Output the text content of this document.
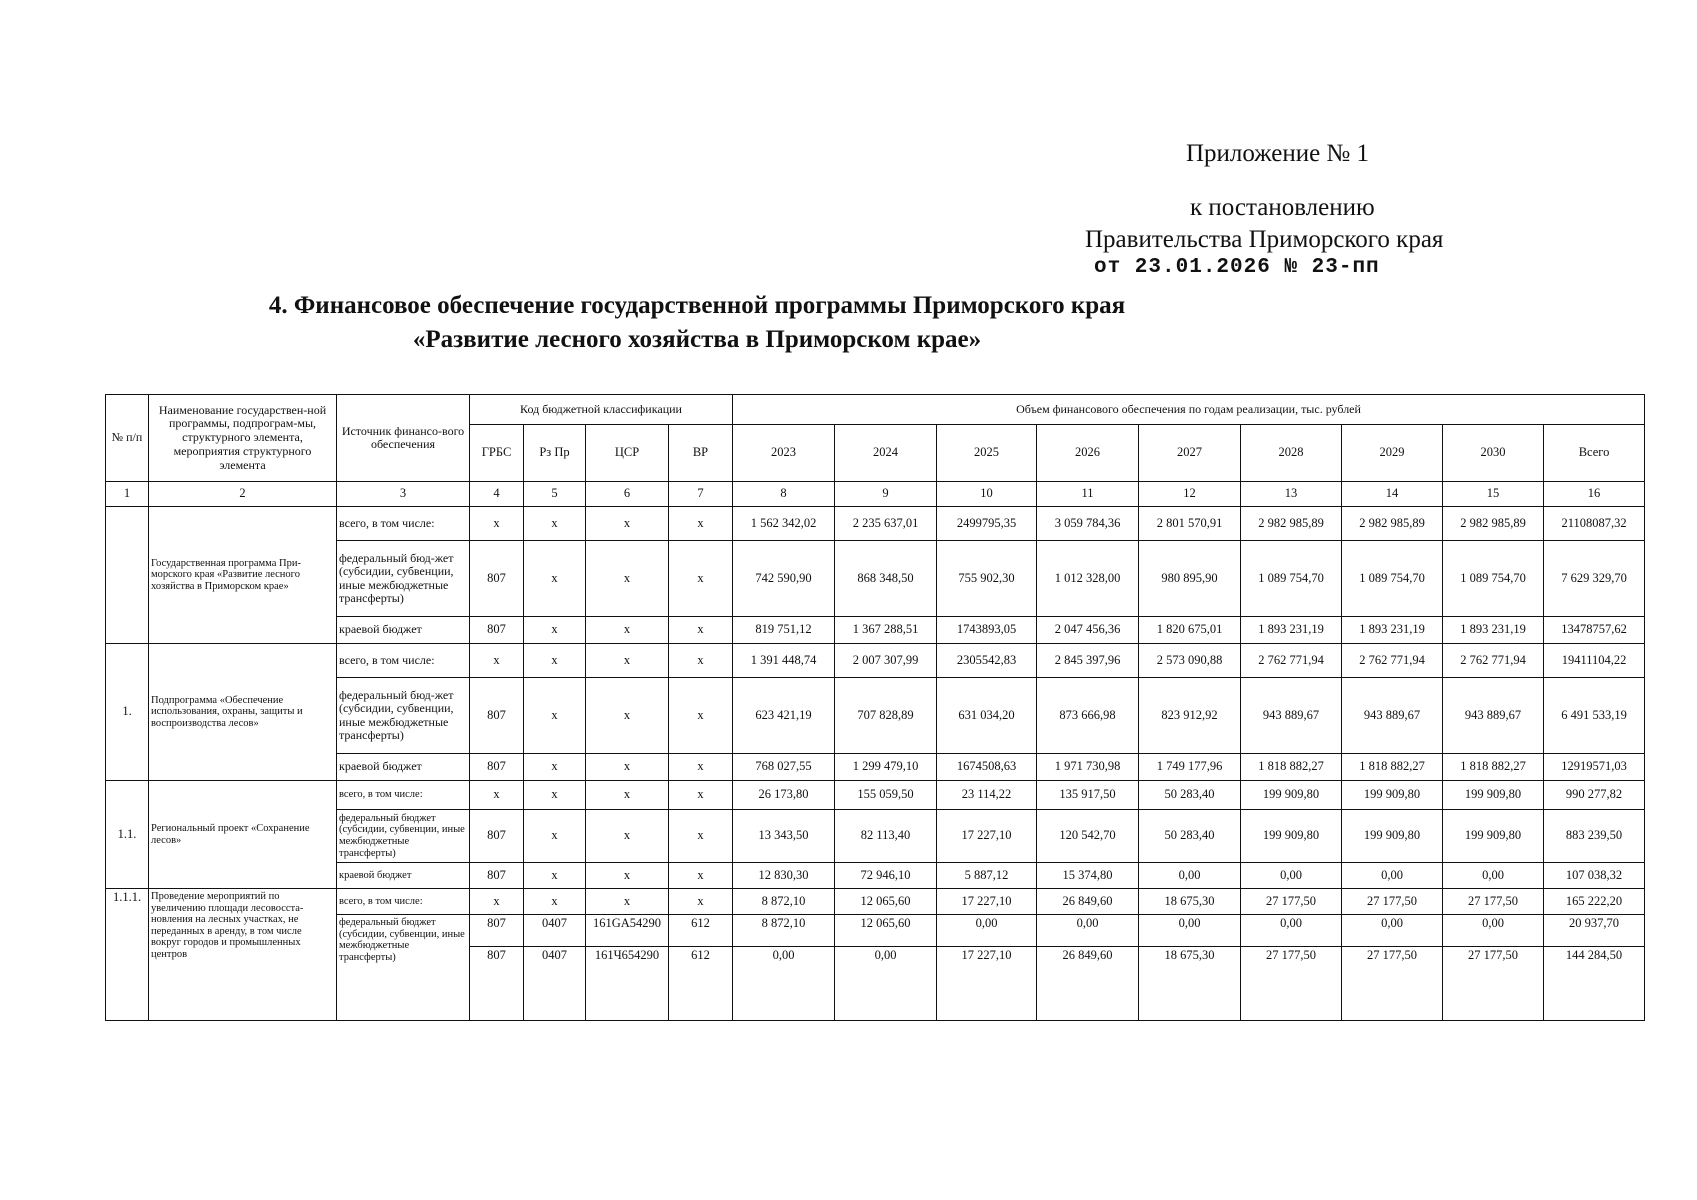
Приложение № 1
к постановлению
Правительства Приморского края
от 23.01.2026 № 23-пп
4. Финансовое обеспечение государственной программы Приморского края
«Развитие лесного хозяйства в Приморском крае»
№ п/п	Наименование государствен-ной программы, подпрограм-мы, структурного элемента, мероприятия структурного элемента	Источник финансо-вого обеспечения	Код бюджетной классификации				Объем финансового обеспечения по годам реализации, тыс. рублей								
			ГРБС	Рз Пр	ЦСР	ВР	2023	2024	2025	2026	2027	2028	2029	2030	Всего
1	2	3	4	5	6	7	8	9	10	11	12	13	14	15	16
	Государственная программа При-морского края «Развитие лесного хозяйства в Приморском крае»	всего, в том числе:	x	x	x	x	1 562 342,02	2 235 637,01	2499795,35	3 059 784,36	2 801 570,91	2 982 985,89	2 982 985,89	2 982 985,89	21108087,32
		федеральный бюд-жет (субсидии, субвенции, иные межбюджетные трансферты)	807	x	x	x	742 590,90	868 348,50	755 902,30	1 012 328,00	980 895,90	1 089 754,70	1 089 754,70	1 089 754,70	7 629 329,70
		краевой бюджет	807	x	x	x	819 751,12	1 367 288,51	1743893,05	2 047 456,36	1 820 675,01	1 893 231,19	1 893 231,19	1 893 231,19	13478757,62
1.	Подпрограмма «Обеспечение использования, охраны, защиты и воспроизводства лесов»	всего, в том числе:	x	x	x	x	1 391 448,74	2 007 307,99	2305542,83	2 845 397,96	2 573 090,88	2 762 771,94	2 762 771,94	2 762 771,94	19411104,22
		федеральный бюд-жет (субсидии, субвенции, иные межбюджетные трансферты)	807	x	x	x	623 421,19	707 828,89	631 034,20	873 666,98	823 912,92	943 889,67	943 889,67	943 889,67	6 491 533,19
		краевой бюджет	807	x	x	x	768 027,55	1 299 479,10	1674508,63	1 971 730,98	1 749 177,96	1 818 882,27	1 818 882,27	1 818 882,27	12919571,03
1.1.	Региональный проект «Сохранение лесов»	всего, в том числе:	x	x	x	x	26 173,80	155 059,50	23 114,22	135 917,50	50 283,40	199 909,80	199 909,80	199 909,80	990 277,82
		федеральный бюджет (субсидии, субвенции, иные межбюджетные трансферты)	807	x	x	x	13 343,50	82 113,40	17 227,10	120 542,70	50 283,40	199 909,80	199 909,80	199 909,80	883 239,50
		краевой бюджет	807	x	x	x	12 830,30	72 946,10	5 887,12	15 374,80	0,00	0,00	0,00	0,00	107 038,32
1.1.1.	Проведение мероприятий по увеличению площади лесовосста-новления на лесных участках, не переданных в аренду, в том числе вокруг городов и промышленных центров	всего, в том числе:	x	x	x	x	8 872,10	12 065,60	17 227,10	26 849,60	18 675,30	27 177,50	27 177,50	27 177,50	165 222,20
		федеральный бюджет (субсидии, субвенции, иные межбюджетные трансферты)	807	0407	161GA54290	612	8 872,10	12 065,60	0,00	0,00	0,00	0,00	0,00	0,00	20 937,70
			807	0407	161Ч654290	612	0,00	0,00	17 227,10	26 849,60	18 675,30	27 177,50	27 177,50	27 177,50	144 284,50
